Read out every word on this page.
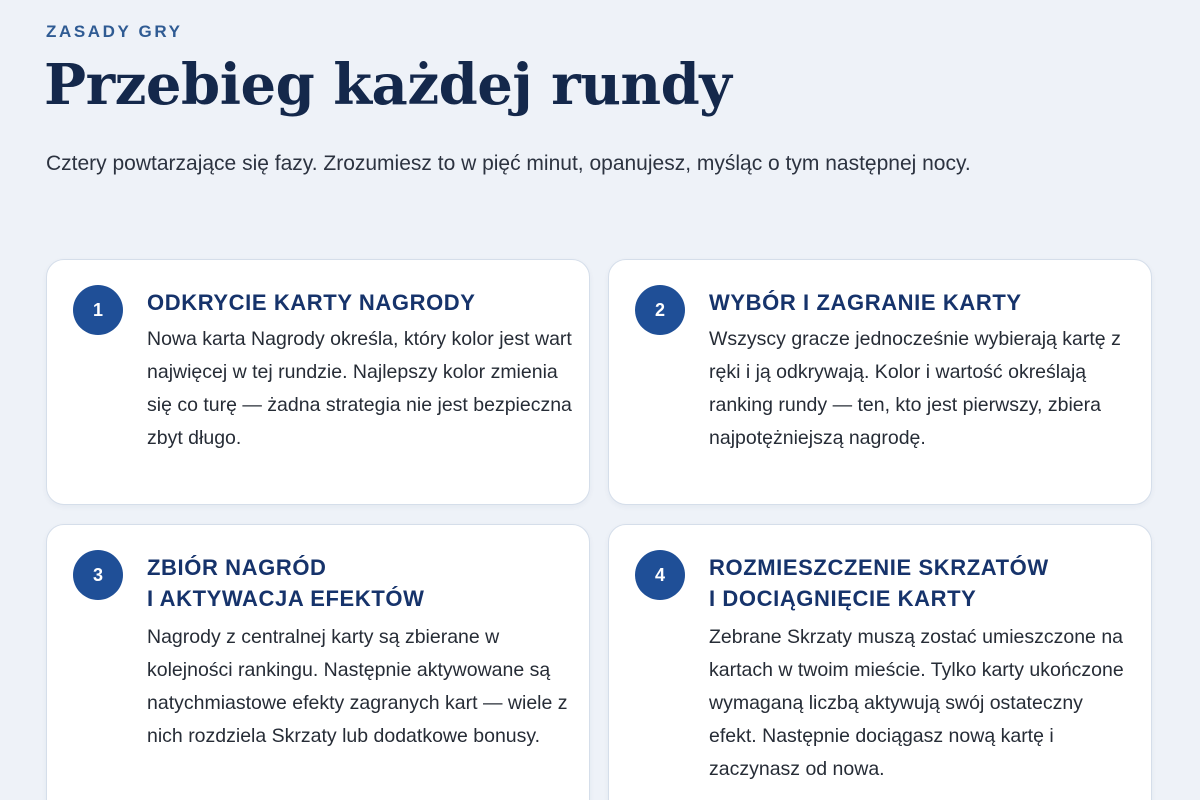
ZASADY GRY
Przebieg każdej rundy

Cztery powtarzające się fazy. Zrozumiesz to w pięć minut, opanujesz, myśląc o tym następnej nocy.

1	ODKRYCIE KARTY NAGRODY
Nowa karta Nagrody określa, który kolor jest wart najwięcej w tej rundzie. Najlepszy kolor zmienia się co turę — żadna strategia nie jest bezpieczna zbyt długo.
2	WYBÓR I ZAGRANIE KARTY
Wszyscy gracze jednocześnie wybierają kartę z ręki i ją odkrywają. Kolor i wartość określają ranking rundy — ten, kto jest pierwszy, zbiera najpotężniejszą nagrodę.
3	ZBIÓR NAGRÓD
I AKTYWACJA EFEKTÓW
Nagrody z centralnej karty są zbierane w kolejności rankingu. Następnie aktywowane są natychmiastowe efekty zagranych kart — wiele z nich rozdziela Skrzaty lub dodatkowe bonusy.
4	ROZMIESZCZENIE SKRZATÓW
I DOCIĄGNIĘCIE KARTY
Zebrane Skrzaty muszą zostać umieszczone na kartach w twoim mieście. Tylko karty ukończone wymaganą liczbą aktywują swój ostateczny efekt. Następnie dociągasz nową kartę i zaczynasz od nowa.
